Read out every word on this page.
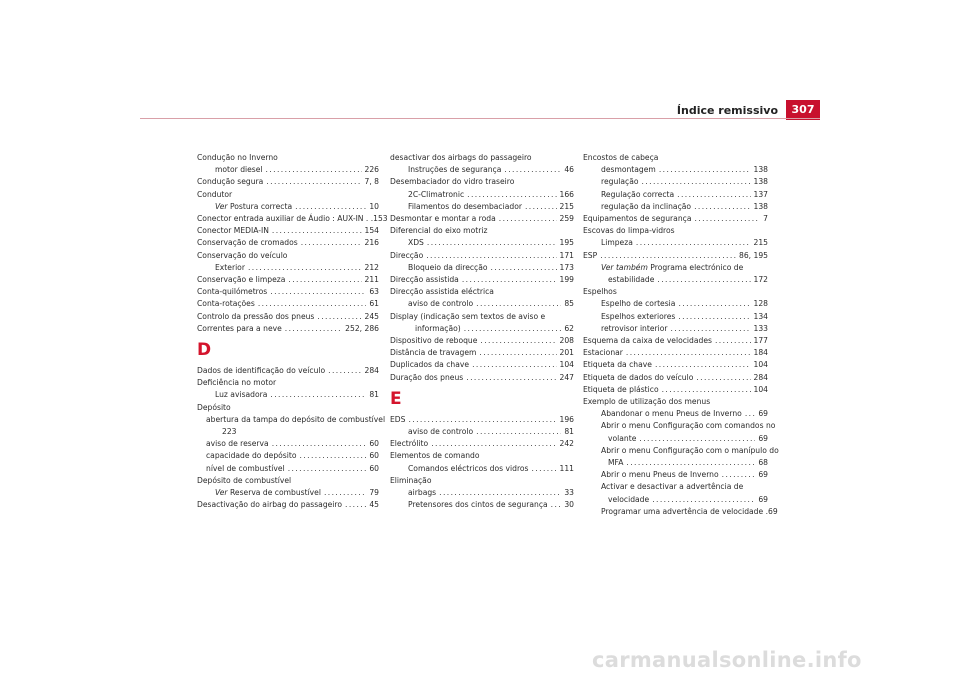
Índice remissivo	307
Condução no Inverno
motor diesel .....	226
Condução segura .....	7, 8
Condutor
Ver Postura correcta .....	10
Conector entrada auxiliar de Áudio : AUX-IN . . 153
Conector MEDIA-IN .....	154
Conservação de cromados .....	216
Conservação do veículo
Exterior .....	212
Conservação e limpeza .....	211
Conta-quilómetros .....	63
Conta-rotações .....	61
Controlo da pressão dos pneus .....	245
Correntes para a neve .....	252, 286
D
Dados de identificação do veículo .....	284
Deficiência no motor
Luz avisadora .....	81
Depósito
abertura da tampa do depósito de combustível
223
aviso de reserva .....	60
capacidade do depósito .....	60
nível de combustível .....	60
Depósito de combustível
Ver Reserva de combustível .....	79
Desactivação do airbag do passageiro .....	45
desactivar dos airbags do passageiro
Instruções de segurança .....	46
Desembaciador do vidro traseiro
2C-Climatronic .....	166
Filamentos do desembaciador .....	215
Desmontar e montar a roda .....	259
Diferencial do eixo motriz
XDS .....	195
Direcção .....	171
Bloqueio da direcção .....	173
Direcção assistida .....	199
Direcção assistida eléctrica
aviso de controlo .....	85
Display (indicação sem textos de aviso e
informação) .....	62
Dispositivo de reboque .....	208
Distância de travagem .....	201
Duplicados da chave .....	104
Duração dos pneus .....	247
E
EDS .....	196
aviso de controlo .....	81
Electrólito .....	242
Elementos de comando
Comandos eléctricos dos vidros .....	111
Eliminação
airbags .....	33
Pretensores dos cintos de segurança ..... 30
Encostos de cabeça
desmontagem .....	138
regulação .....	138
Regulação correcta .....	137
regulação da inclinação .....	138
Equipamentos de segurança .....	7
Escovas do limpa-vidros
Limpeza .....	215
ESP .....	86, 195
Ver também Programa electrónico de
estabilidade .....	172
Espelhos
Espelho de cortesia .....	128
Espelhos exteriores .....	134
retrovisor interior .....	133
Esquema da caixa de velocidades .....	177
Estacionar .....	184
Etiqueta da chave .....	104
Etiqueta de dados do veículo .....	284
Etiqueta de plástico .....	104
Exemplo de utilização dos menus
Abandonar o menu Pneus de Inverno ..... 69
Abrir o menu Configuração com comandos no
volante .....	69
Abrir o menu Configuração com o manípulo do
MFA .....	68
Abrir o menu Pneus de Inverno .....	69
Activar e desactivar a advertência de
velocidade .....	69
Programar uma advertência de velocidade . 69
carmanualsonline.info
